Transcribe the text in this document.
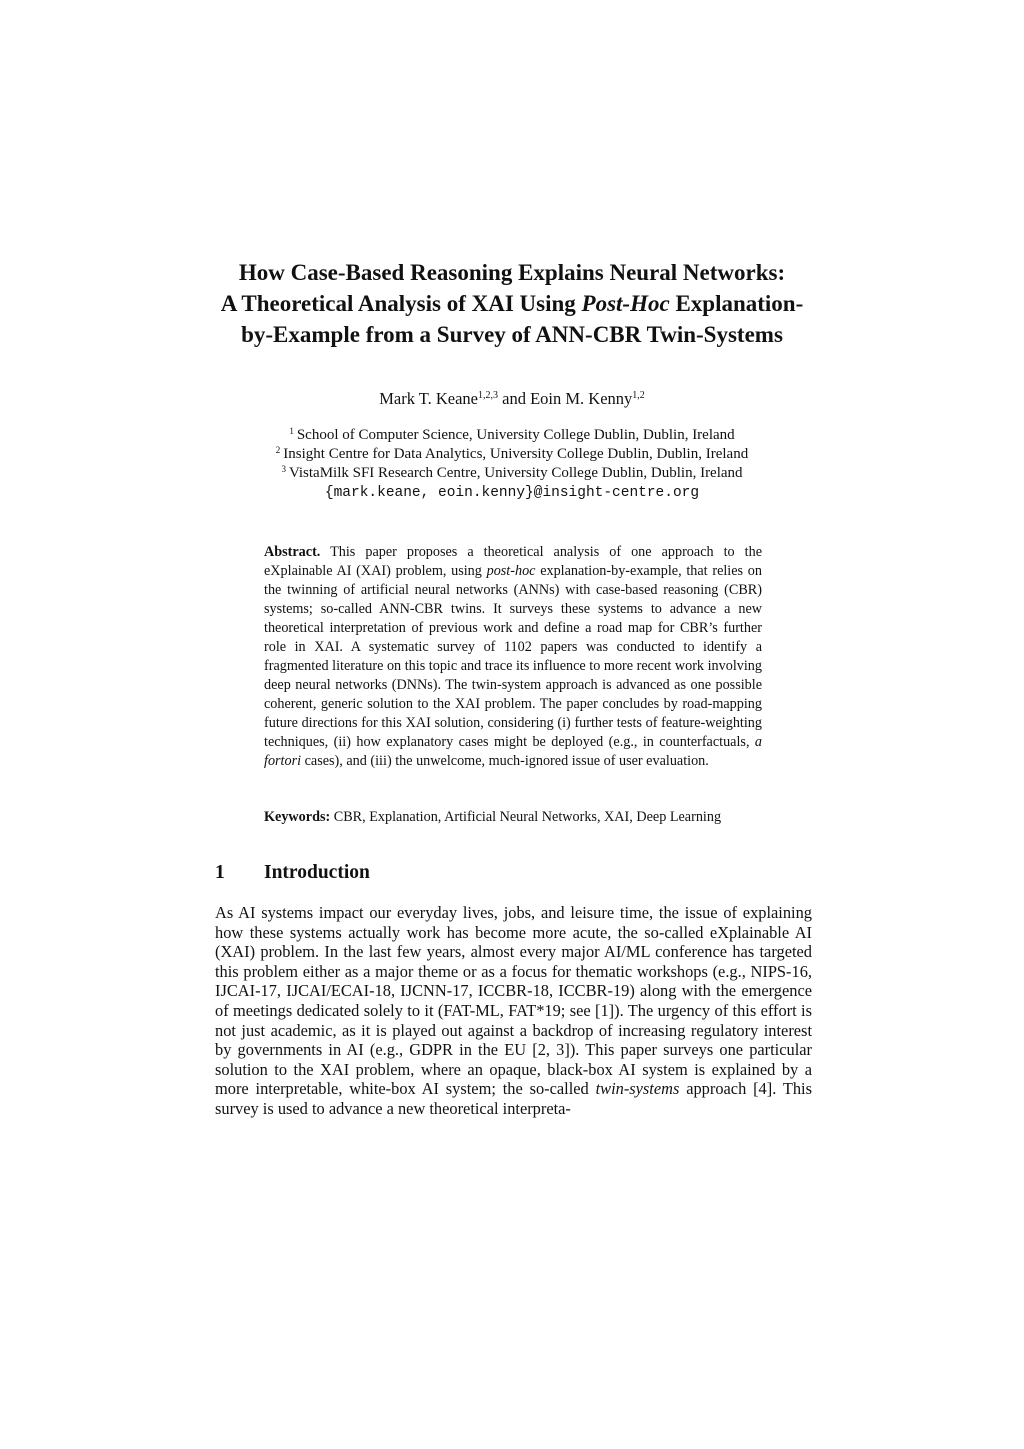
How Case-Based Reasoning Explains Neural Networks:
A Theoretical Analysis of XAI Using Post-Hoc Explanation-
by-Example from a Survey of ANN-CBR Twin-Systems
Mark T. Keane$^{1,2,3}$ and Eoin M. Kenny$^{1,2}$
$^1$ School of Computer Science, University College Dublin, Dublin, Ireland
$^2$ Insight Centre for Data Analytics, University College Dublin, Dublin, Ireland
$^3$ VistaMilk SFI Research Centre, University College Dublin, Dublin, Ireland
{mark.keane, eoin.kenny}@insight-centre.org

Abstract. This paper proposes a theoretical analysis of one approach to the eXplainable AI (XAI) problem, using post-hoc explanation-by-example, that relies on the twinning of artificial neural networks (ANNs) with case-based reasoning (CBR) systems; so-called ANN-CBR twins. It surveys these systems to advance a new theoretical interpretation of previous work and define a road map for CBR’s further role in XAI. A systematic survey of 1102 papers was conducted to identify a fragmented literature on this topic and trace its influence to more recent work involving deep neural networks (DNNs). The twin-system approach is advanced as one possible coherent, generic solution to the XAI problem. The paper concludes by road-mapping future directions for this XAI solution, considering (i) further tests of feature-weighting techniques, (ii) how explanatory cases might be deployed (e.g., in counterfactuals, a fortori cases), and (iii) the unwelcome, much-ignored issue of user evaluation.

Keywords: CBR, Explanation, Artificial Neural Networks, XAI, Deep Learning

1 Introduction

As AI systems impact our everyday lives, jobs, and leisure time, the issue of explaining how these systems actually work has become more acute, the so-called eXplainable AI (XAI) problem. In the last few years, almost every major AI/ML conference has targeted this problem either as a major theme or as a focus for thematic workshops (e.g., NIPS-16, IJCAI-17, IJCAI/ECAI-18, IJCNN-17, ICCBR-18, ICCBR-19) along with the emergence of meetings dedicated solely to it (FAT-ML, FAT*19; see [1]). The urgency of this effort is not just academic, as it is played out against a backdrop of increasing regulatory interest by governments in AI (e.g., GDPR in the EU [2, 3]). This paper surveys one particular solution to the XAI problem, where an opaque, black-box AI system is explained by a more interpretable, white-box AI system; the so-called twin-systems approach [4]. This survey is used to advance a new theoretical interpreta-
